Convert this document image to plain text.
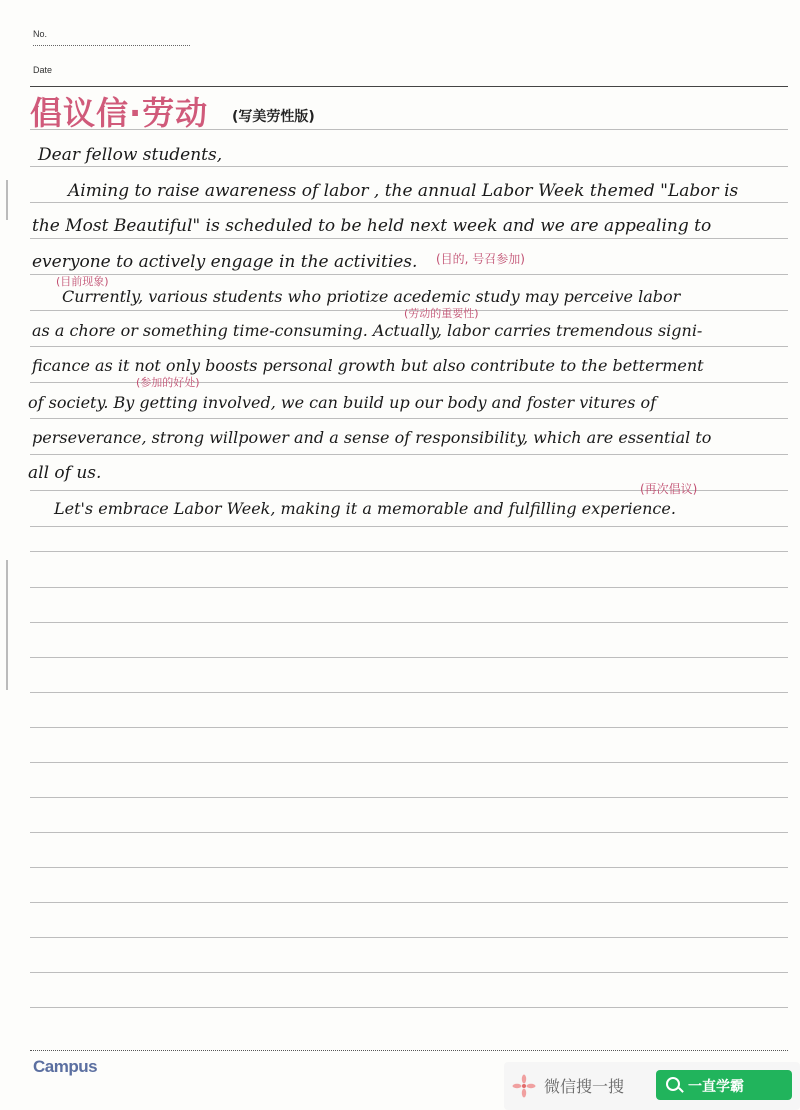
No.
Date
倡议信·劳动 (写美劳性版)
Dear fellow students,
Aiming to raise awareness of labor , the annual Labor Week themed "Labor is
the Most Beautiful" is scheduled to be held next week and we are appealing to
everyone to actively engage in the activities. (目的, 号召参加)
(目前现象)
Currently, various students who priotize acedemic study may perceive labor
(劳动的重要性)
as a chore or something time-consuming. Actually, labor carries tremendous signi-
ficance as it not only boosts personal growth but also contribute to the betterment
(参加的好处)
of society. By getting involved, we can build up our body and foster vitures of
perseverance, strong willpower and a sense of responsibility, which are essential to
all of us.
(再次倡议)
Let's embrace Labor Week, making it a memorable and fulfilling experience.
Campus
微信搜一搜	一直学霸
